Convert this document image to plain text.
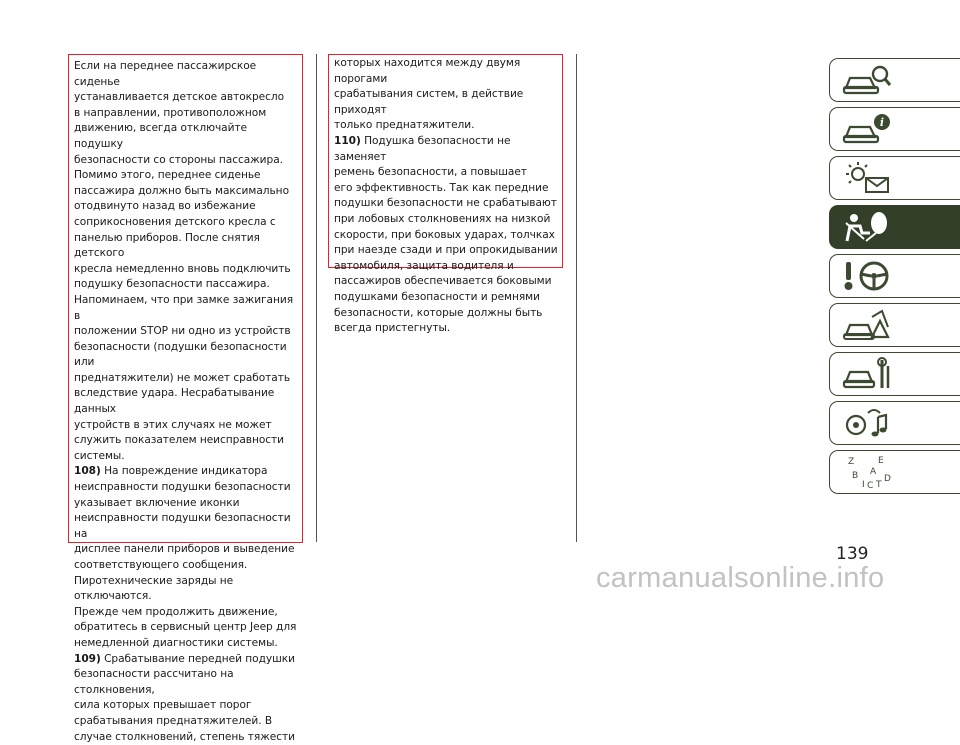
Если на переднее пассажирское сиденье
устанавливается детское автокресло
в направлении, противоположном
движению, всегда отключайте подушку
безопасности со стороны пассажира.
Помимо этого, переднее сиденье
пассажира должно быть максимально
отодвинуто назад во избежание
соприкосновения детского кресла с
панелью приборов. После снятия детского
кресла немедленно вновь подключить
подушку безопасности пассажира.
Напоминаем, что при замке зажигания в
положении STOP ни одно из устройств
безопасности (подушки безопасности или
преднатяжители) не может сработать
вследствие удара. Несрабатывание данных
устройств в этих случаях не может
служить показателем неисправности
системы.

108) На повреждение индикатора
неисправности подушки безопасности
указывает включение иконки
неисправности подушки безопасности на
дисплее панели приборов и выведение
соответствующего сообщения.
Пиротехнические заряды не отключаются.
Прежде чем продолжить движение,
обратитесь в сервисный центр Jeep для
немедленной диагностики системы.

109) Срабатывание передней подушки
безопасности рассчитано на столкновения,
сила которых превышает порог
срабатывания преднатяжителей. В
случае столкновений, степень тяжести

которых находится между двумя порогами
срабатывания систем, в действие приходят
только преднатяжители.

110) Подушка безопасности не заменяет
ремень безопасности, а повышает
его эффективность. Так как передние
подушки безопасности не срабатывают
при лобовых столкновениях на низкой
скорости, при боковых ударах, толчках
при наезде сзади и при опрокидывании
автомобиля, защита водителя и
пассажиров обеспечивается боковыми
подушками безопасности и ремнями
безопасности, которые должны быть
всегда пристегнуты.

i
Z	E
B A
I C T
D
139
carmanualsonline.info
